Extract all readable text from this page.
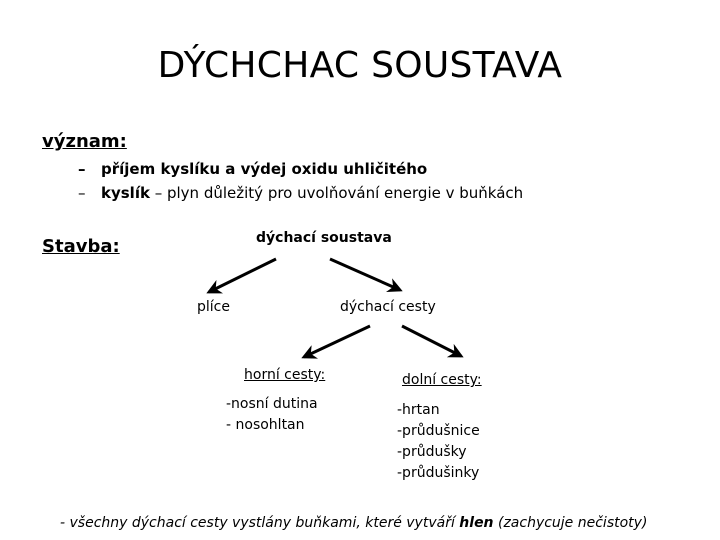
DÝCHCHAC SOUSTAVA
význam:
– příjem kyslíku a výdej oxidu uhličitého
– kyslík – plyn důležitý pro uvolňování energie v buňkách
Stavba:	dýchací soustava
plíce	dýchací cesty
horní cesty:	dolní cesty:
-nosní dutina
- nosohltan
-hrtan
-průdušnice
-průdušky
-průdušinky
- všechny dýchací cesty vystlány buňkami, které vytváří hlen (zachycuje nečistoty)
